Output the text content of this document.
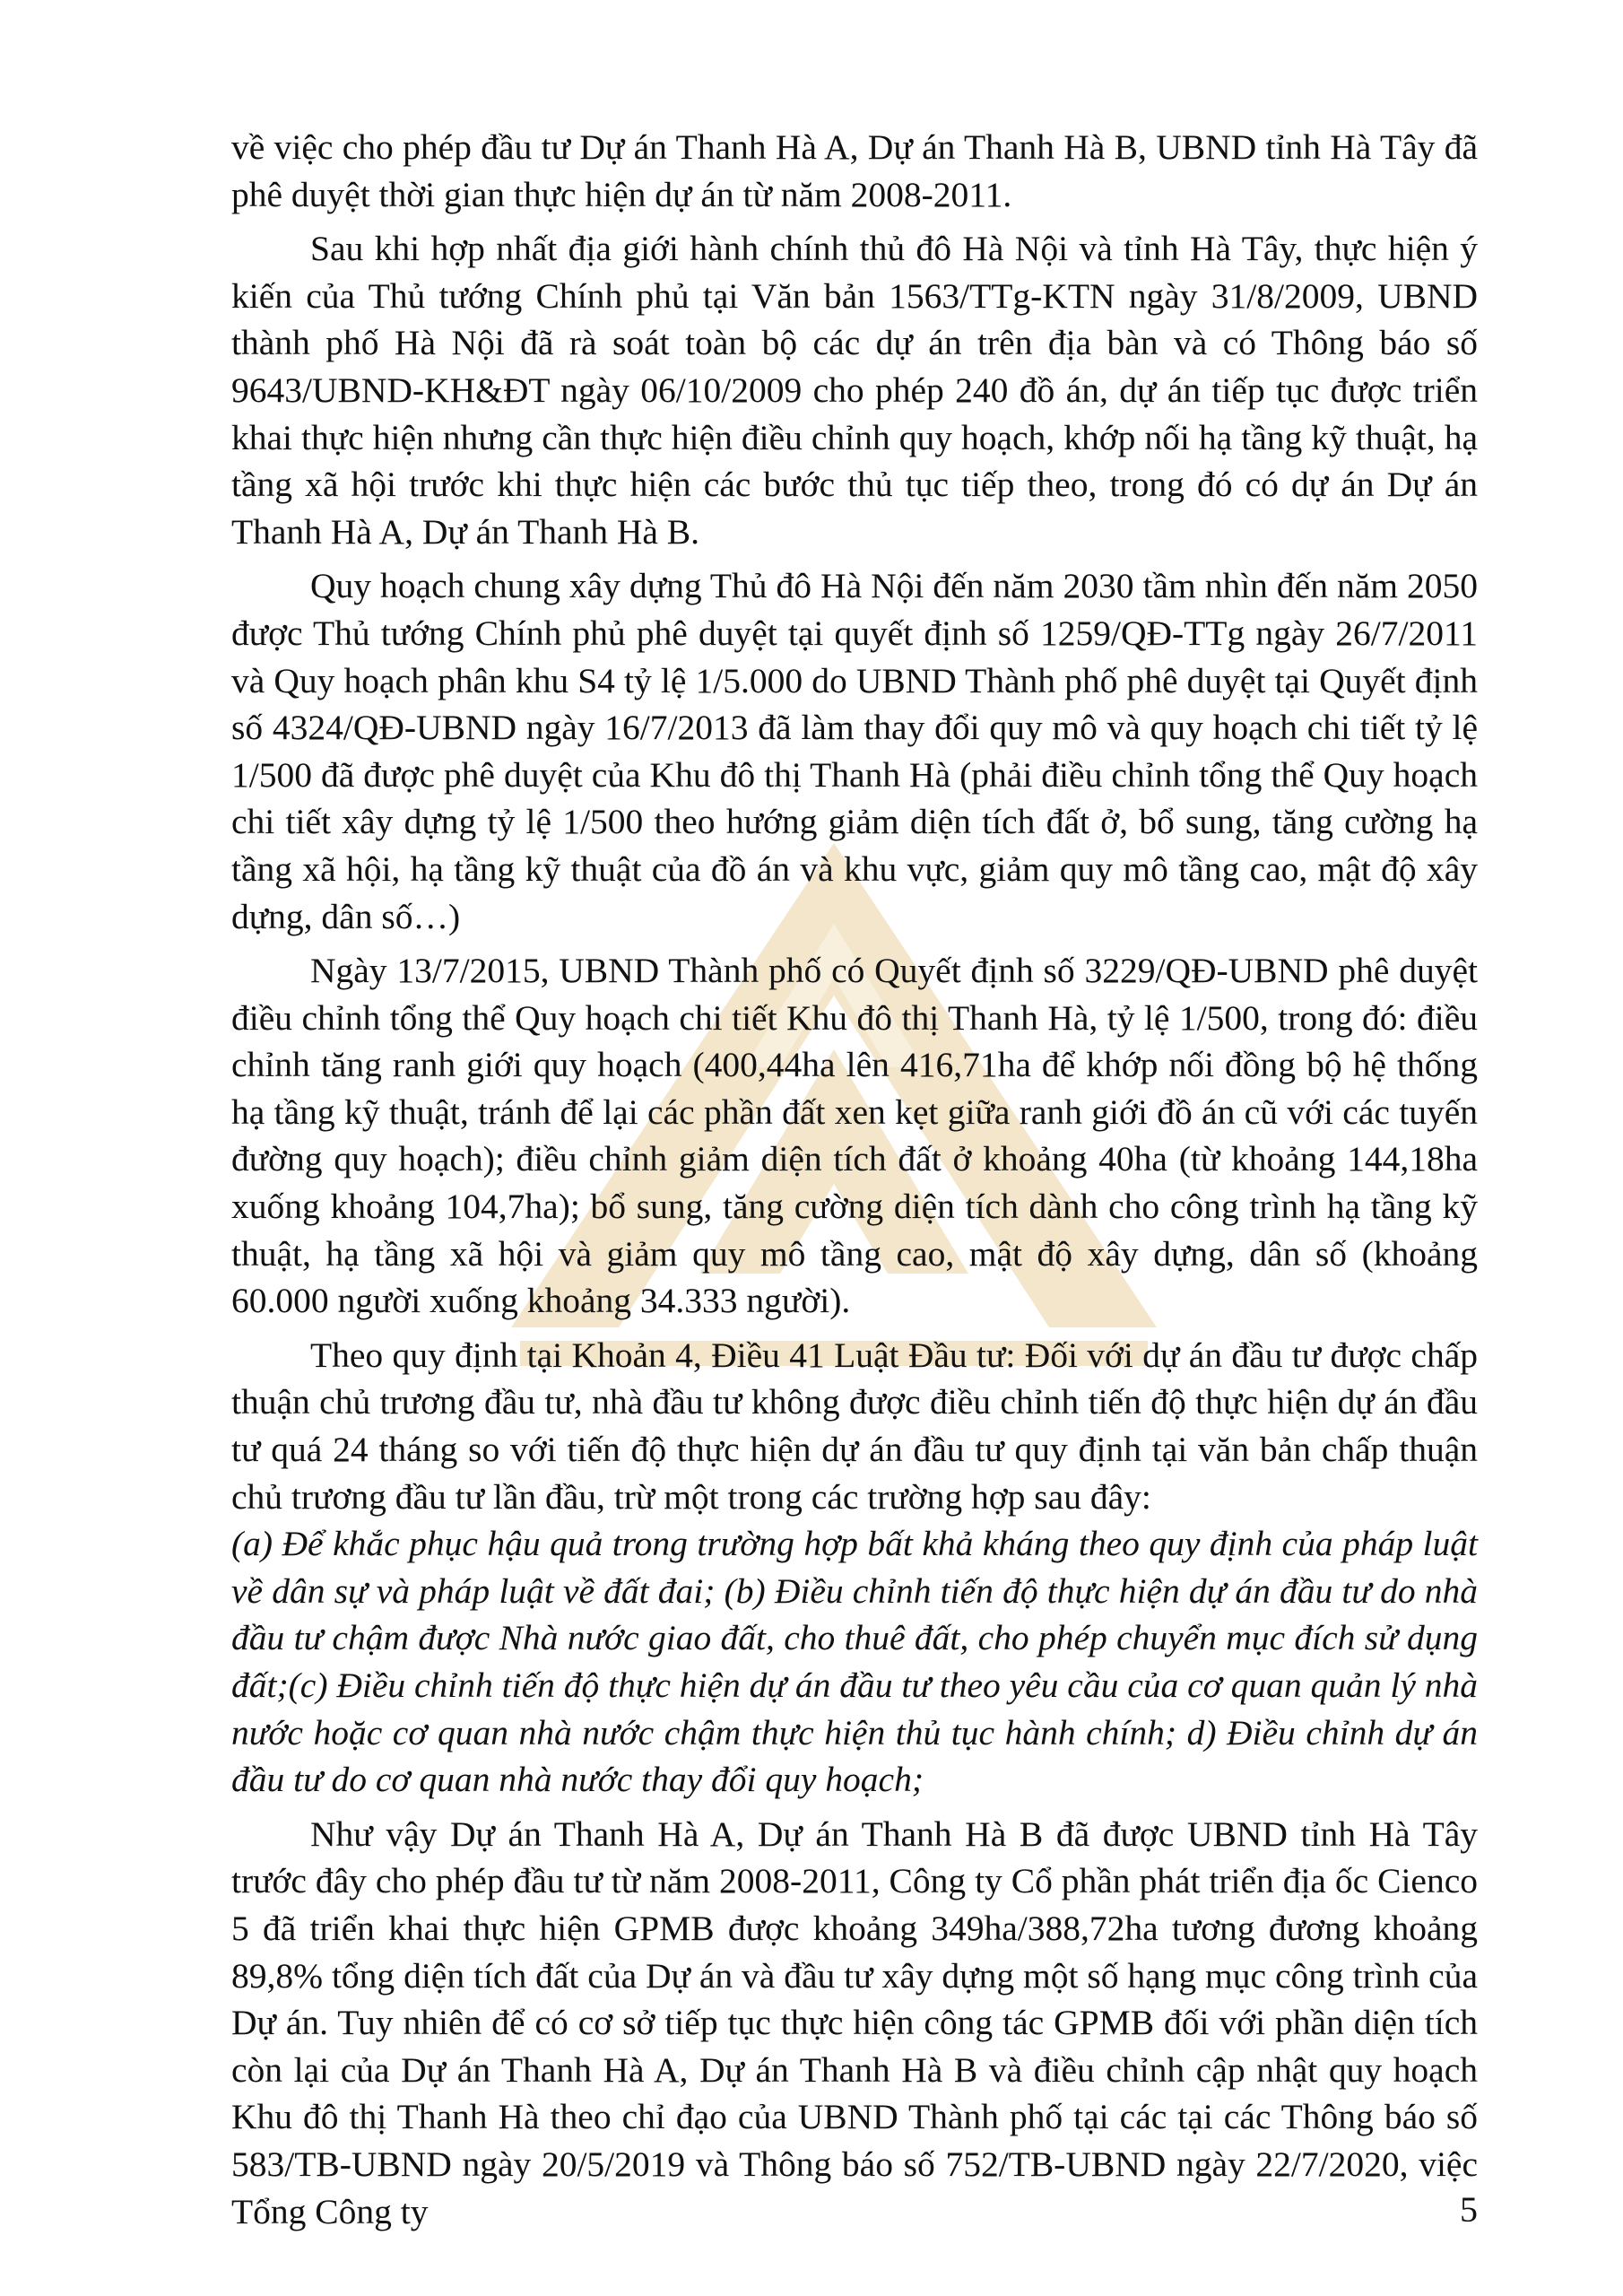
về việc cho phép đầu tư Dự án Thanh Hà A, Dự án Thanh Hà B, UBND tỉnh Hà Tây đã phê duyệt thời gian thực hiện dự án từ năm 2008-2011.

Sau khi hợp nhất địa giới hành chính thủ đô Hà Nội và tỉnh Hà Tây, thực hiện ý kiến của Thủ tướng Chính phủ tại Văn bản 1563/TTg-KTN ngày 31/8/2009, UBND thành phố Hà Nội đã rà soát toàn bộ các dự án trên địa bàn và có Thông báo số 9643/UBND-KH&ĐT ngày 06/10/2009 cho phép 240 đồ án, dự án tiếp tục được triển khai thực hiện nhưng cần thực hiện điều chỉnh quy hoạch, khớp nối hạ tầng kỹ thuật, hạ tầng xã hội trước khi thực hiện các bước thủ tục tiếp theo, trong đó có dự án Dự án Thanh Hà A, Dự án Thanh Hà B.

Quy hoạch chung xây dựng Thủ đô Hà Nội đến năm 2030 tầm nhìn đến năm 2050 được Thủ tướng Chính phủ phê duyệt tại quyết định số 1259/QĐ-TTg ngày 26/7/2011 và Quy hoạch phân khu S4 tỷ lệ 1/5.000 do UBND Thành phố phê duyệt tại Quyết định số 4324/QĐ-UBND ngày 16/7/2013 đã làm thay đổi quy mô và quy hoạch chi tiết tỷ lệ 1/500 đã được phê duyệt của Khu đô thị Thanh Hà (phải điều chỉnh tổng thể Quy hoạch chi tiết xây dựng tỷ lệ 1/500 theo hướng giảm diện tích đất ở, bổ sung, tăng cường hạ tầng xã hội, hạ tầng kỹ thuật của đồ án và khu vực, giảm quy mô tầng cao, mật độ xây dựng, dân số…)

Ngày 13/7/2015, UBND Thành phố có Quyết định số 3229/QĐ-UBND phê duyệt điều chỉnh tổng thể Quy hoạch chi tiết Khu đô thị Thanh Hà, tỷ lệ 1/500, trong đó: điều chỉnh tăng ranh giới quy hoạch (400,44ha lên 416,71ha để khớp nối đồng bộ hệ thống hạ tầng kỹ thuật, tránh để lại các phần đất xen kẹt giữa ranh giới đồ án cũ với các tuyến đường quy hoạch); điều chỉnh giảm diện tích đất ở khoảng 40ha (từ khoảng 144,18ha xuống khoảng 104,7ha); bổ sung, tăng cường diện tích dành cho công trình hạ tầng kỹ thuật, hạ tầng xã hội và giảm quy mô tầng cao, mật độ xây dựng, dân số (khoảng 60.000 người xuống khoảng 34.333 người).

Theo quy định tại Khoản 4, Điều 41 Luật Đầu tư: Đối với dự án đầu tư được chấp thuận chủ trương đầu tư, nhà đầu tư không được điều chỉnh tiến độ thực hiện dự án đầu tư quá 24 tháng so với tiến độ thực hiện dự án đầu tư quy định tại văn bản chấp thuận chủ trương đầu tư lần đầu, trừ một trong các trường hợp sau đây:

(a) Để khắc phục hậu quả trong trường hợp bất khả kháng theo quy định của pháp luật về dân sự và pháp luật về đất đai; (b) Điều chỉnh tiến độ thực hiện dự án đầu tư do nhà đầu tư chậm được Nhà nước giao đất, cho thuê đất, cho phép chuyển mục đích sử dụng đất;(c) Điều chỉnh tiến độ thực hiện dự án đầu tư theo yêu cầu của cơ quan quản lý nhà nước hoặc cơ quan nhà nước chậm thực hiện thủ tục hành chính; d) Điều chỉnh dự án đầu tư do cơ quan nhà nước thay đổi quy hoạch;

Như vậy Dự án Thanh Hà A, Dự án Thanh Hà B đã được UBND tỉnh Hà Tây trước đây cho phép đầu tư từ năm 2008-2011, Công ty Cổ phần phát triển địa ốc Cienco 5 đã triển khai thực hiện GPMB được khoảng 349ha/388,72ha tương đương khoảng 89,8% tổng diện tích đất của Dự án và đầu tư xây dựng một số hạng mục công trình của Dự án. Tuy nhiên để có cơ sở tiếp tục thực hiện công tác GPMB đối với phần diện tích còn lại của Dự án Thanh Hà A, Dự án Thanh Hà B và điều chỉnh cập nhật quy hoạch Khu đô thị Thanh Hà theo chỉ đạo của UBND Thành phố tại các tại các Thông báo số 583/TB-UBND ngày 20/5/2019 và Thông báo số 752/TB-UBND ngày 22/7/2020, việc Tổng Công ty	5
